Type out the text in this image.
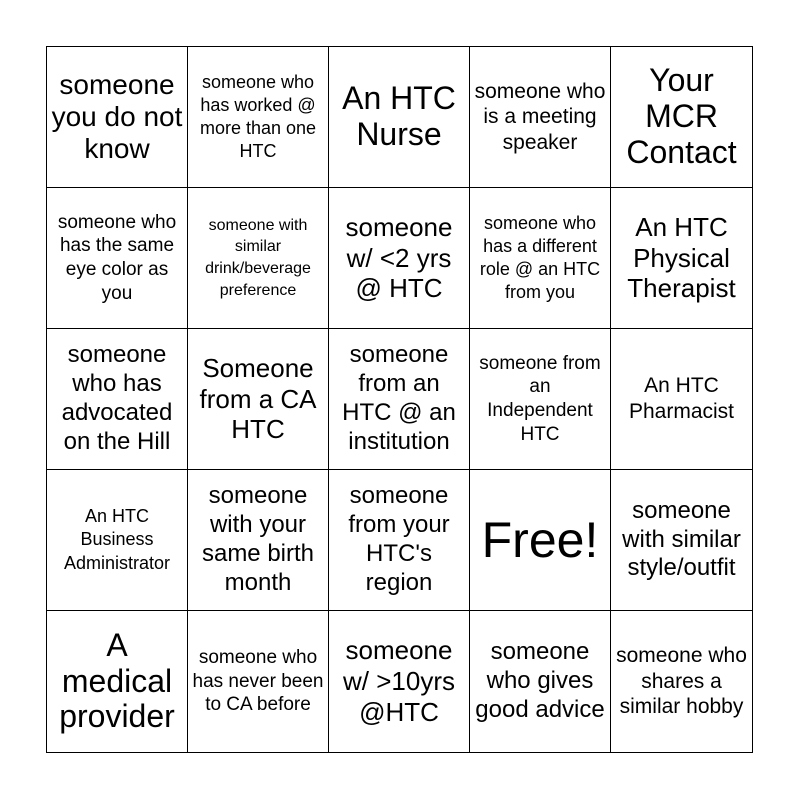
someone you do not know
someone who has worked @ more than one HTC
An HTC Nurse
someone who is a meeting speaker
Your MCR Contact
someone who has the same eye color as you
someone with similar drink/beverage preference
someone w/ <2 yrs @ HTC
someone who has a different role @ an HTC from you
An HTC Physical Therapist
someone who has advocated on the Hill
Someone from a CA HTC
someone from an HTC @ an institution
someone from an Independent HTC
An HTC Pharmacist
An HTC Business Administrator
someone with your same birth month
someone from your HTC's region
Free!
someone with similar style/outfit
A medical provider
someone who has never been to CA before
someone w/ >10yrs @HTC
someone who gives good advice
someone who shares a similar hobby
